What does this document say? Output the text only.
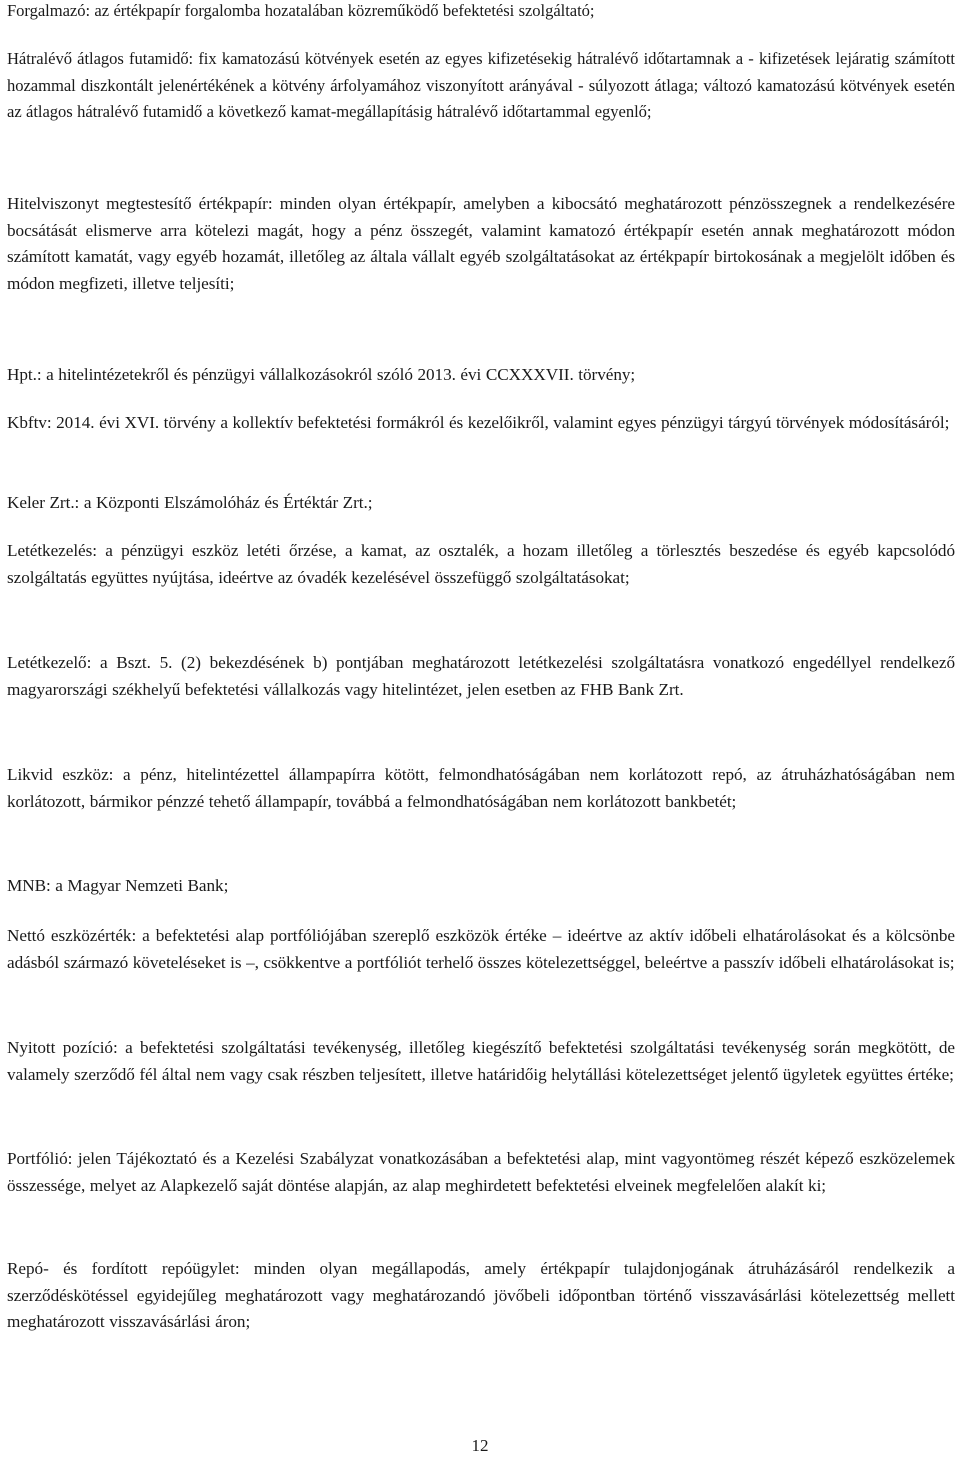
Forgalmazó: az értékpapír forgalomba hozatalában közreműködő befektetési szolgáltató;

Hátralévő átlagos futamidő: fix kamatozású kötvények esetén az egyes kifizetésekig hátralévő időtartamnak a - kifizetések lejáratig számított hozammal diszkontált jelenértékének a kötvény árfolyamához viszonyított arányával - súlyozott átlaga; változó kamatozású kötvények esetén az átlagos hátralévő futamidő a következő kamat-megállapításig hátralévő időtartammal egyenlő;

Hitelviszonyt megtestesítő értékpapír: minden olyan értékpapír, amelyben a kibocsátó meghatározott pénzösszegnek a rendelkezésére bocsátását elismerve arra kötelezi magát, hogy a pénz összegét, valamint kamatozó értékpapír esetén annak meghatározott módon számított kamatát, vagy egyéb hozamát, illetőleg az általa vállalt egyéb szolgáltatásokat az értékpapír birtokosának a megjelölt időben és módon megfizeti, illetve teljesíti;

Hpt.: a hitelintézetekről és pénzügyi vállalkozásokról szóló 2013. évi CCXXXVII. törvény;

Kbftv: 2014. évi XVI. törvény a kollektív befektetési formákról és kezelőikről, valamint egyes pénzügyi tárgyú törvények módosításáról;

Keler Zrt.: a Központi Elszámolóház és Értéktár Zrt.;

Letétkezelés: a pénzügyi eszköz letéti őrzése, a kamat, az osztalék, a hozam illetőleg a törlesztés beszedése és egyéb kapcsolódó szolgáltatás együttes nyújtása, ideértve az óvadék kezelésével összefüggő szolgáltatásokat;

Letétkezelő: a Bszt. 5. (2) bekezdésének b) pontjában meghatározott letétkezelési szolgáltatásra vonatkozó engedéllyel rendelkező magyarországi székhelyű befektetési vállalkozás vagy hitelintézet, jelen esetben az FHB Bank Zrt.

Likvid eszköz: a pénz, hitelintézettel állampapírra kötött, felmondhatóságában nem korlátozott repó, az átruházhatóságában nem korlátozott, bármikor pénzzé tehető állampapír, továbbá a felmondhatóságában nem korlátozott bankbetét;

MNB: a Magyar Nemzeti Bank;

Nettó eszközérték: a befektetési alap portfóliójában szereplő eszközök értéke – ideértve az aktív időbeli elhatárolásokat és a kölcsönbe adásból származó követeléseket is –, csökkentve a portfóliót terhelő összes kötelezettséggel, beleértve a passzív időbeli elhatárolásokat is;

Nyitott pozíció: a befektetési szolgáltatási tevékenység, illetőleg kiegészítő befektetési szolgáltatási tevékenység során megkötött, de valamely szerződő fél által nem vagy csak részben teljesített, illetve határidőig helytállási kötelezettséget jelentő ügyletek együttes értéke;

Portfólió: jelen Tájékoztató és a Kezelési Szabályzat vonatkozásában a befektetési alap, mint vagyontömeg részét képező eszközelemek összessége, melyet az Alapkezelő saját döntése alapján, az alap meghirdetett befektetési elveinek megfelelően alakít ki;

Repó- és fordított repóügylet: minden olyan megállapodás, amely értékpapír tulajdonjogának átruházásáról rendelkezik a szerződéskötéssel egyidejűleg meghatározott vagy meghatározandó jövőbeli időpontban történő visszavásárlási kötelezettség mellett meghatározott visszavásárlási áron;

12
